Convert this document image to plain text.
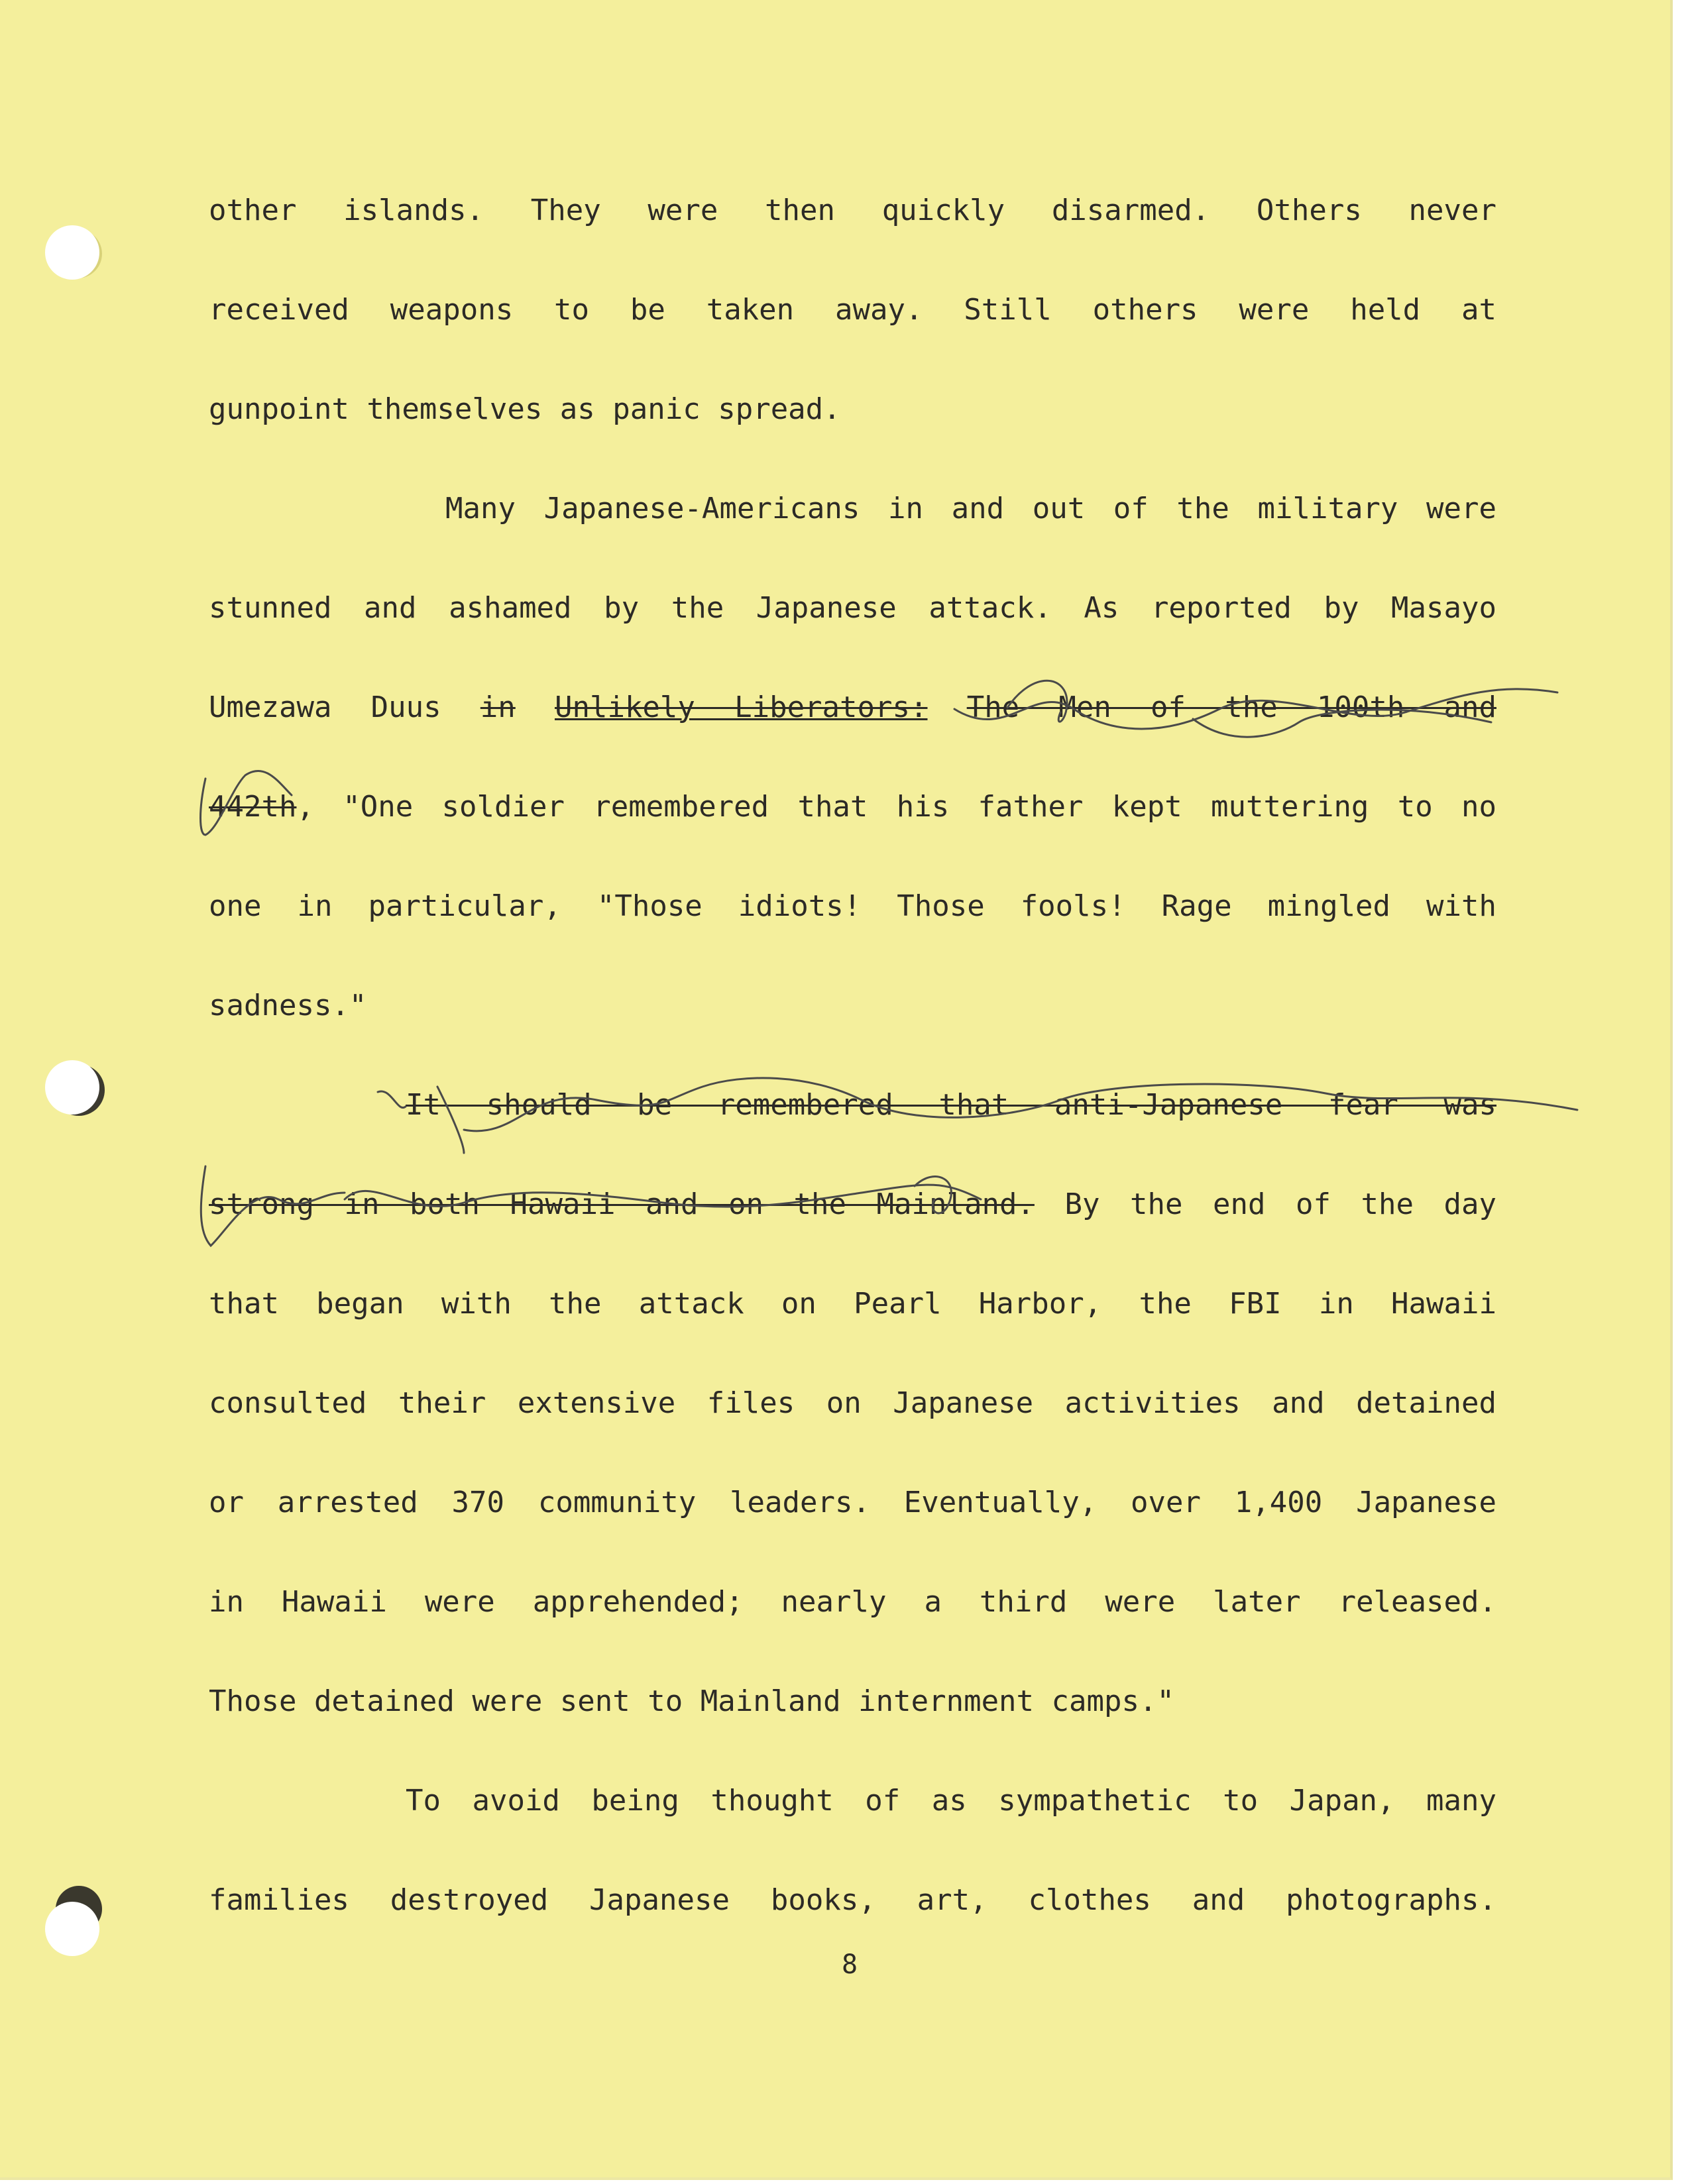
other islands. They were then quickly disarmed. Others never
received weapons to be taken away. Still others were held at
gunpoint themselves as panic spread.
Many Japanese-Americans in and out of the military were
stunned and ashamed by the Japanese attack. As reported by Masayo
Umezawa Duus in Unlikely Liberators: The Men of the 100th and
442th, "One soldier remembered that his father kept muttering to no
one in particular, "Those idiots! Those fools! Rage mingled with
sadness."
It should be remembered that anti-Japanese fear was
strong in both Hawaii and on the Mainland. By the end of the day
that began with the attack on Pearl Harbor, the FBI in Hawaii
consulted their extensive files on Japanese activities and detained
or arrested 370 community leaders. Eventually, over 1,400 Japanese
in Hawaii were apprehended; nearly a third were later released.
Those detained were sent to Mainland internment camps."
To avoid being thought of as sympathetic to Japan, many
families destroyed Japanese books, art, clothes and photographs.
8
